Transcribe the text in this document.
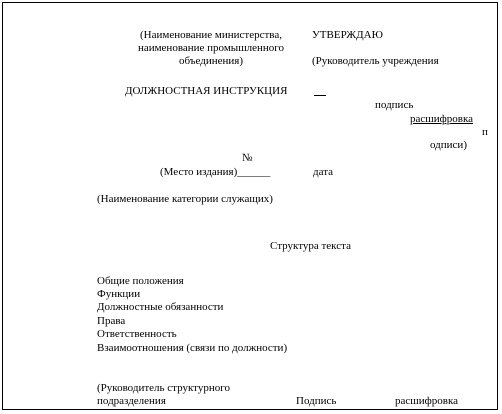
(Наименование министерства,
наименование промышленного
объединения)
УТВЕРЖДАЮ
(Руководитель учреждения
ДОЛЖНОСТНАЯ ИНСТРУКЦИЯ
подпись
расшифровка
п
одписи)
№
(Место издания)______	дата
(Наименование категории служащих)
Структура текста
Общие положения
Функции
Должностные обязанности
Права
Ответственность
Взаимоотношения (связи по должности)
(Руководитель структурного
подразделения	Подпись	расшифровка
